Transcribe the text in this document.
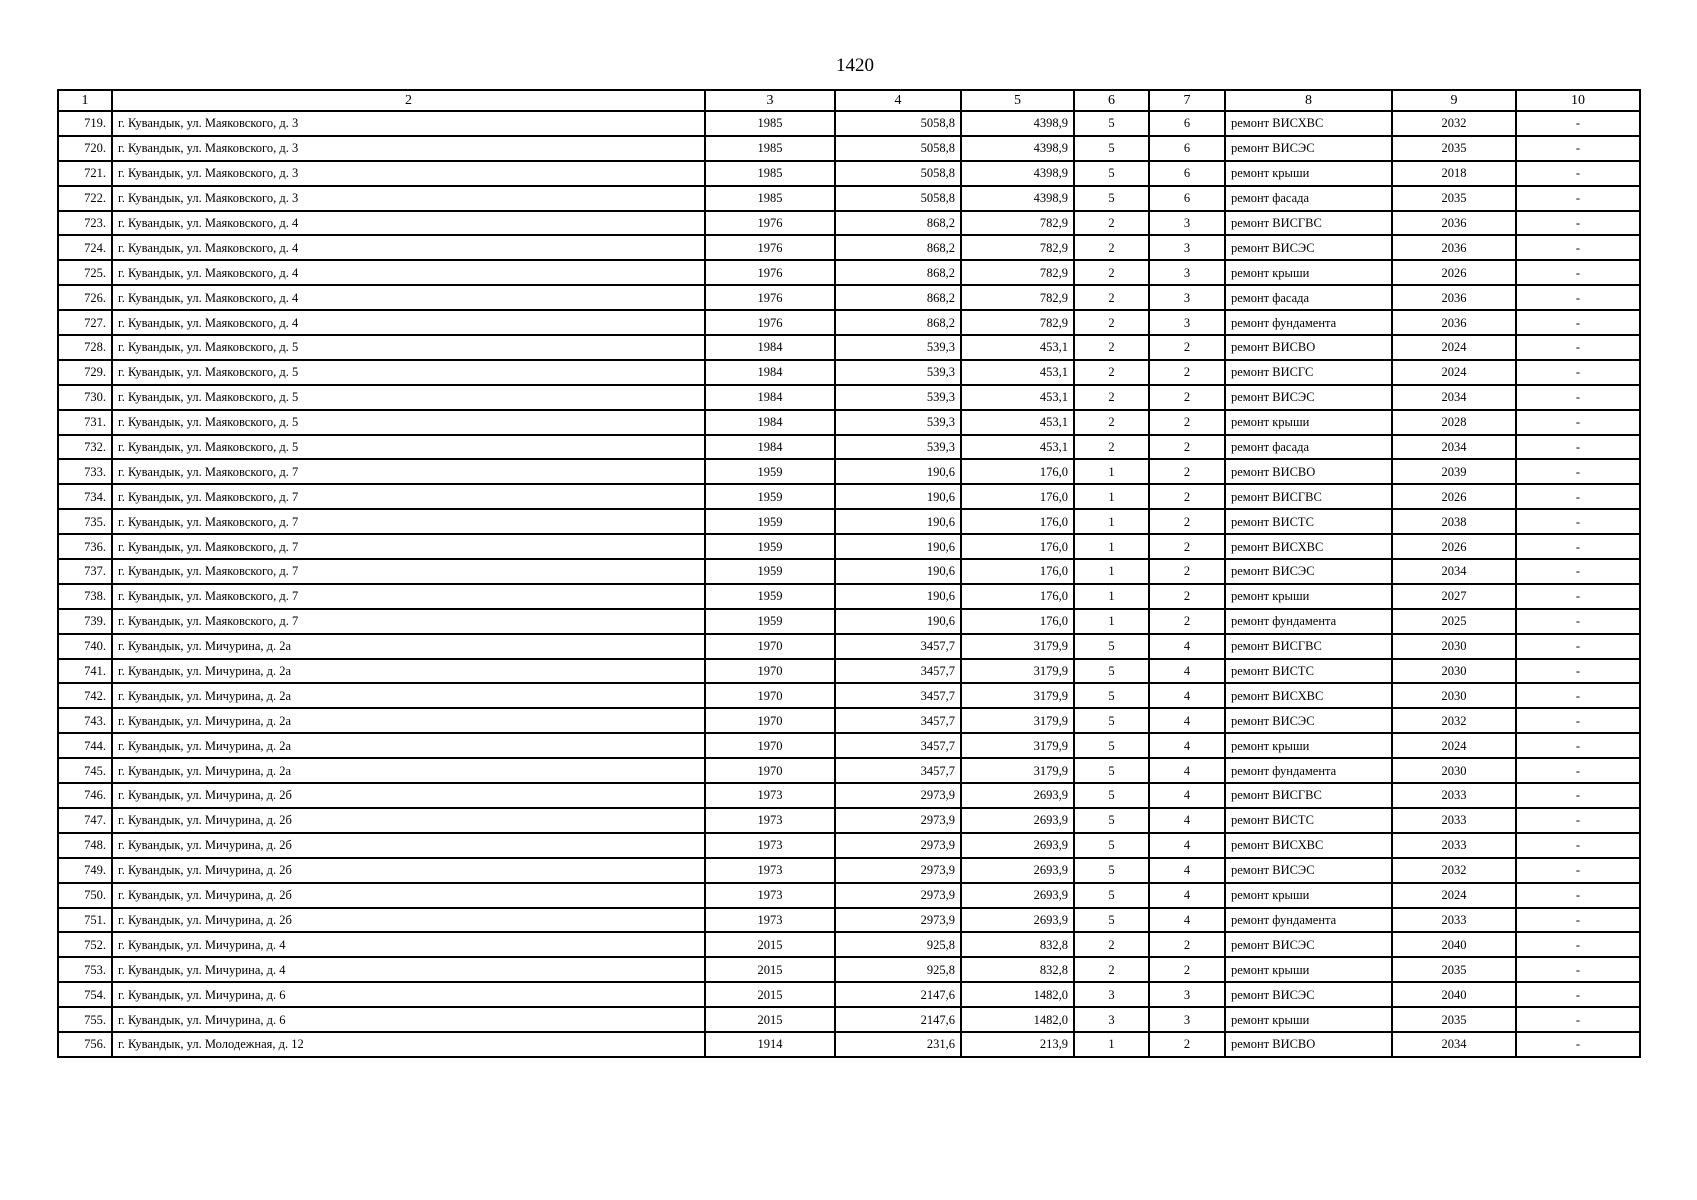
1420
1	2	3	4	5	6	7	8	9	10
719.	г. Кувандык, ул. Маяковского, д. 3	1985	5058,8	4398,9	5	6	ремонт ВИСХВС	2032	-
720.	г. Кувандык, ул. Маяковского, д. 3	1985	5058,8	4398,9	5	6	ремонт ВИСЭС	2035	-
721.	г. Кувандык, ул. Маяковского, д. 3	1985	5058,8	4398,9	5	6	ремонт крыши	2018	-
722.	г. Кувандык, ул. Маяковского, д. 3	1985	5058,8	4398,9	5	6	ремонт фасада	2035	-
723.	г. Кувандык, ул. Маяковского, д. 4	1976	868,2	782,9	2	3	ремонт ВИСГВС	2036	-
724.	г. Кувандык, ул. Маяковского, д. 4	1976	868,2	782,9	2	3	ремонт ВИСЭС	2036	-
725.	г. Кувандык, ул. Маяковского, д. 4	1976	868,2	782,9	2	3	ремонт крыши	2026	-
726.	г. Кувандык, ул. Маяковского, д. 4	1976	868,2	782,9	2	3	ремонт фасада	2036	-
727.	г. Кувандык, ул. Маяковского, д. 4	1976	868,2	782,9	2	3	ремонт фундамента	2036	-
728.	г. Кувандык, ул. Маяковского, д. 5	1984	539,3	453,1	2	2	ремонт ВИСВО	2024	-
729.	г. Кувандык, ул. Маяковского, д. 5	1984	539,3	453,1	2	2	ремонт ВИСГС	2024	-
730.	г. Кувандык, ул. Маяковского, д. 5	1984	539,3	453,1	2	2	ремонт ВИСЭС	2034	-
731.	г. Кувандык, ул. Маяковского, д. 5	1984	539,3	453,1	2	2	ремонт крыши	2028	-
732.	г. Кувандык, ул. Маяковского, д. 5	1984	539,3	453,1	2	2	ремонт фасада	2034	-
733.	г. Кувандык, ул. Маяковского, д. 7	1959	190,6	176,0	1	2	ремонт ВИСВО	2039	-
734.	г. Кувандык, ул. Маяковского, д. 7	1959	190,6	176,0	1	2	ремонт ВИСГВС	2026	-
735.	г. Кувандык, ул. Маяковского, д. 7	1959	190,6	176,0	1	2	ремонт ВИСТС	2038	-
736.	г. Кувандык, ул. Маяковского, д. 7	1959	190,6	176,0	1	2	ремонт ВИСХВС	2026	-
737.	г. Кувандык, ул. Маяковского, д. 7	1959	190,6	176,0	1	2	ремонт ВИСЭС	2034	-
738.	г. Кувандык, ул. Маяковского, д. 7	1959	190,6	176,0	1	2	ремонт крыши	2027	-
739.	г. Кувандык, ул. Маяковского, д. 7	1959	190,6	176,0	1	2	ремонт фундамента	2025	-
740.	г. Кувандык, ул. Мичурина, д. 2а	1970	3457,7	3179,9	5	4	ремонт ВИСГВС	2030	-
741.	г. Кувандык, ул. Мичурина, д. 2а	1970	3457,7	3179,9	5	4	ремонт ВИСТС	2030	-
742.	г. Кувандык, ул. Мичурина, д. 2а	1970	3457,7	3179,9	5	4	ремонт ВИСХВС	2030	-
743.	г. Кувандык, ул. Мичурина, д. 2а	1970	3457,7	3179,9	5	4	ремонт ВИСЭС	2032	-
744.	г. Кувандык, ул. Мичурина, д. 2а	1970	3457,7	3179,9	5	4	ремонт крыши	2024	-
745.	г. Кувандык, ул. Мичурина, д. 2а	1970	3457,7	3179,9	5	4	ремонт фундамента	2030	-
746.	г. Кувандык, ул. Мичурина, д. 2б	1973	2973,9	2693,9	5	4	ремонт ВИСГВС	2033	-
747.	г. Кувандык, ул. Мичурина, д. 2б	1973	2973,9	2693,9	5	4	ремонт ВИСТС	2033	-
748.	г. Кувандык, ул. Мичурина, д. 2б	1973	2973,9	2693,9	5	4	ремонт ВИСХВС	2033	-
749.	г. Кувандык, ул. Мичурина, д. 2б	1973	2973,9	2693,9	5	4	ремонт ВИСЭС	2032	-
750.	г. Кувандык, ул. Мичурина, д. 2б	1973	2973,9	2693,9	5	4	ремонт крыши	2024	-
751.	г. Кувандык, ул. Мичурина, д. 2б	1973	2973,9	2693,9	5	4	ремонт фундамента	2033	-
752.	г. Кувандык, ул. Мичурина, д. 4	2015	925,8	832,8	2	2	ремонт ВИСЭС	2040	-
753.	г. Кувандык, ул. Мичурина, д. 4	2015	925,8	832,8	2	2	ремонт крыши	2035	-
754.	г. Кувандык, ул. Мичурина, д. 6	2015	2147,6	1482,0	3	3	ремонт ВИСЭС	2040	-
755.	г. Кувандык, ул. Мичурина, д. 6	2015	2147,6	1482,0	3	3	ремонт крыши	2035	-
756.	г. Кувандык, ул. Молодежная, д. 12	1914	231,6	213,9	1	2	ремонт ВИСВО	2034	-
